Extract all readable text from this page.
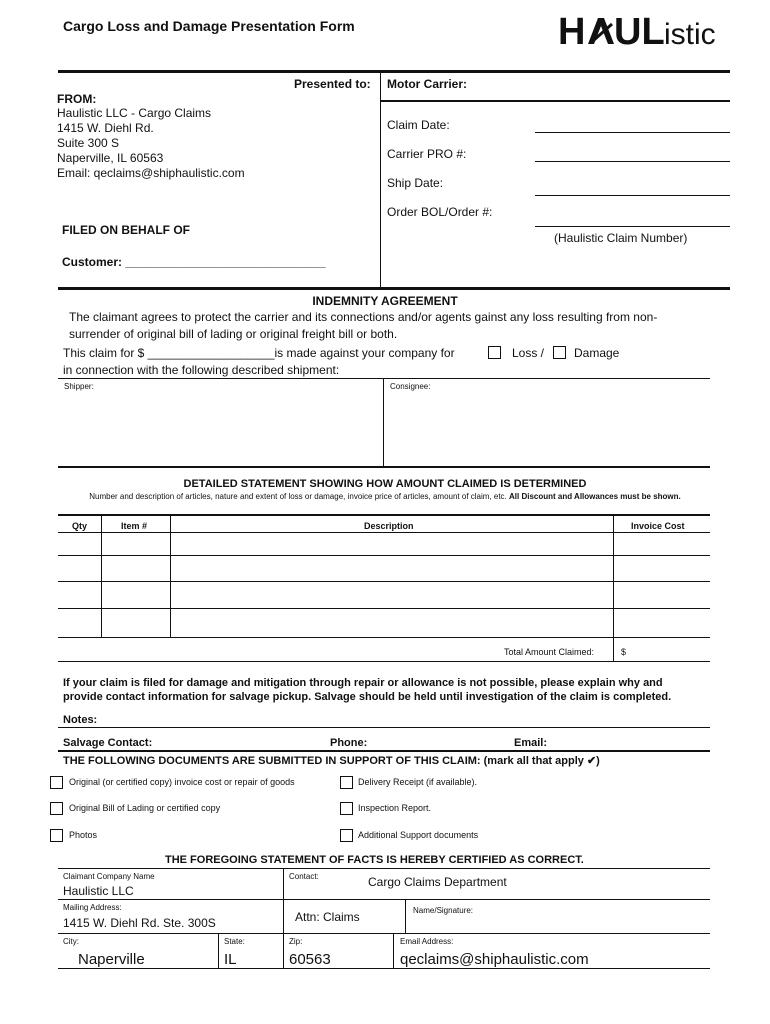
Cargo Loss and Damage Presentation Form	H UL istic
Presented to: Motor Carrier:
FROM:
Haulistic LLC - Cargo Claims
1415 W. Diehl Rd.
Suite 300 S
Naperville, IL 60563
Email: qeclaims@shiphaulistic.com
FILED ON BEHALF OF
Customer: ______________________________
Claim Date:
Carrier PRO #:
Ship Date:
Order BOL/Order #:
(Haulistic Claim Number)
INDEMNITY AGREEMENT
The claimant agrees to protect the carrier and its connections and/or agents gainst any loss resulting from non-
surrender of original bill of lading or original freight bill or both.
This claim for $ ___________________is made against your company for	Loss / Damage
in connection with the following described shipment:
Shipper:	Consignee:
DETAILED STATEMENT SHOWING HOW AMOUNT CLAIMED IS DETERMINED
Number and description of articles, nature and extent of loss or damage, invoice price of articles, amount of claim, etc. All Discount and Allowances must be shown.
Qty	Item #	Description	Invoice Cost
Total Amount Claimed:	$
If your claim is filed for damage and mitigation through repair or allowance is not possible, please explain why and provide contact information for salvage pickup. Salvage should be held until investigation of the claim is completed.
Notes:
Salvage Contact:	Phone:	Email:
THE FOLLOWING DOCUMENTS ARE SUBMITTED IN SUPPORT OF THIS CLAIM: (mark all that apply ✔)
Original (or certified copy) invoice cost or repair of goods
Original Bill of Lading or certified copy
Photos
Delivery Receipt (if available).
Inspection Report.
Additional Support documents
THE FOREGOING STATEMENT OF FACTS IS HEREBY CERTIFIED AS CORRECT.
Claimant Company Name
Haulistic LLC
Contact:	Cargo Claims Department
Mailing Address:
1415 W. Diehl Rd. Ste. 300S	Attn: Claims	Name/Signature:
City:
Naperville
State:
IL
Zip:
60563
Email Address:
qeclaims@shiphaulistic.com
